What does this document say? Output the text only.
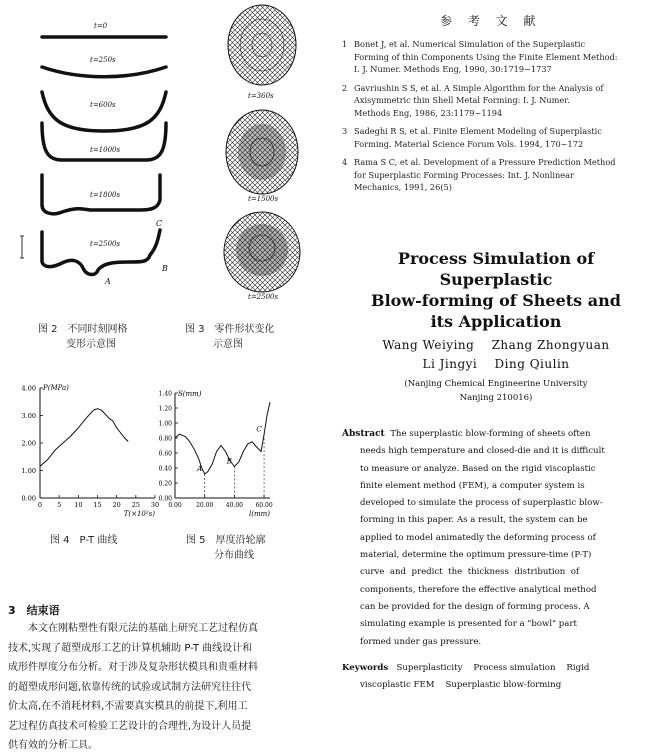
t=0
t=250s
t=600s
t=1000s
t=1800s
t=2500s
C
B
A
图 2　不同时刻网格
变形示意图
t=360s
t=1500s
t=2500s
图 3　零件形状变化
示意图
4.00
3.00
2.00
1.00
0.00
0 5 10 15 20 25 30
P(MPa)
T(×10²s)
图 4　P-T 曲线
1.40
1.20
1.00
0.80
0.60
0.40
0.20
0.00
0.00 20.00 40.00 60.00
S(mm)
l(mm)
A
B
C
图 5　厚度沿轮廓
分布曲线
参 考 文 献
1 Bonet J, et al. Numerical Simulation of the Superplastic
Forming of thin Components Using the Finite Element Method:
I. J. Numer. Methods Eng, 1990, 30:1719~1737
2 Gavriushin S S, et al. A Simple Algorithm for the Analysis of
Axisymmetric thin Shell Metal Forming: I. J. Numer.
Methods Eng, 1986, 23:1179~1194
3 Sadeghi R S, et al. Finite Element Modeling of Superplastic
Forming. Material Science Forum Vols. 1994, 170~172
4 Rama S C, et al. Development of a Pressure Prediction Method
for Superplastic Forming Processes: Int. J. Nonlinear
Mechanics, 1991, 26(5)
Process Simulation of Superplastic
Blow-forming of Sheets and
its Application
Wang Weiying    Zhang Zhongyuan
Li Jingyi    Ding Qiulin
(Nanjing Chemical Engineerine University
Nanjing 210016)
Abstract The superplastic blow-forming of sheets often
needs high temperature and closed-die and it is difficult
to measure or analyze. Based on the rigid viscoplastic
finite element method (FEM), a computer system is
developed to simulate the process of superplastic blow-
forming in this paper. As a result, the system can be
applied to model animatedly the deforming process of
material, determine the optimum pressure-time (P-T)
curve  and  predict  the  thickness  distribution  of
components, therefore the effective analytical method
can be provided for the design of forming process. A
simulating example is presented for a "bowl" part
formed under gas pressure.
Keywords Superplasticity    Process simulation    Rigid
viscoplastic FEM    Superplastic blow-forming
3　结束语
本文在刚粘塑性有限元法的基础上研究工艺过程仿真
技术,实现了超塑成形工艺的计算机辅助 P-T 曲线设计和
成形件厚度分布分析。对于涉及复杂形状模具和贵重材料
的超塑成形问题,依靠传统的试验或试制方法研究往往代
价太高,在不消耗材料,不需要真实模具的前提下,利用工
艺过程仿真技术可检验工艺设计的合理性,为设计人员提
供有效的分析工具。
